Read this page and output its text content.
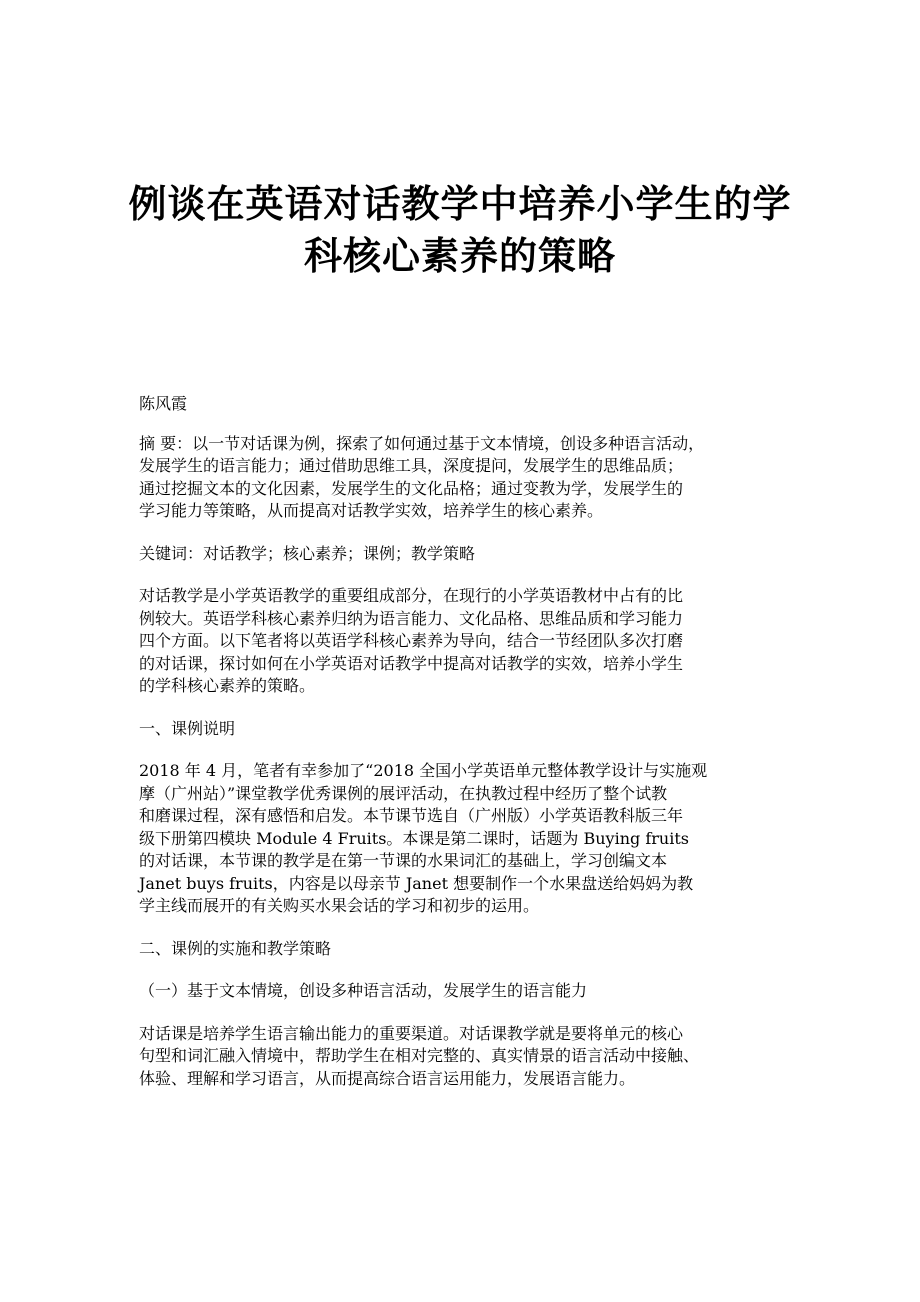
例谈在英语对话教学中培养小学生的学
科核心素养的策略

陈风霞

摘 要：以一节对话课为例，探索了如何通过基于文本情境，创设多种语言活动，
发展学生的语言能力；通过借助思维工具，深度提问，发展学生的思维品质；
通过挖掘文本的文化因素，发展学生的文化品格；通过变教为学，发展学生的
学习能力等策略，从而提高对话教学实效，培养学生的核心素养。

关键词：对话教学；核心素养；课例；教学策略

对话教学是小学英语教学的重要组成部分，在现行的小学英语教材中占有的比
例较大。英语学科核心素养归纳为语言能力、文化品格、思维品质和学习能力
四个方面。以下笔者将以英语学科核心素养为导向，结合一节经团队多次打磨
的对话课，探讨如何在小学英语对话教学中提高对话教学的实效，培养小学生
的学科核心素养的策略。

一、课例说明

2018 年 4 月，笔者有幸参加了“2018 全国小学英语单元整体教学设计与实施观
摩（广州站）”课堂教学优秀课例的展评活动，在执教过程中经历了整个试教
和磨课过程，深有感悟和启发。本节课节选自（广州版）小学英语教科版三年
级下册第四模块 Module 4 Fruits。本课是第二课时，话题为 Buying fruits
的对话课，本节课的教学是在第一节课的水果词汇的基础上，学习创编文本
Janet buys fruits，内容是以母亲节 Janet 想要制作一个水果盘送给妈妈为教
学主线而展开的有关购买水果会话的学习和初步的运用。

二、课例的实施和教学策略

（一）基于文本情境，创设多种语言活动，发展学生的语言能力

对话课是培养学生语言输出能力的重要渠道。对话课教学就是要将单元的核心
句型和词汇融入情境中，帮助学生在相对完整的、真实情景的语言活动中接触、
体验、理解和学习语言，从而提高综合语言运用能力，发展语言能力。
